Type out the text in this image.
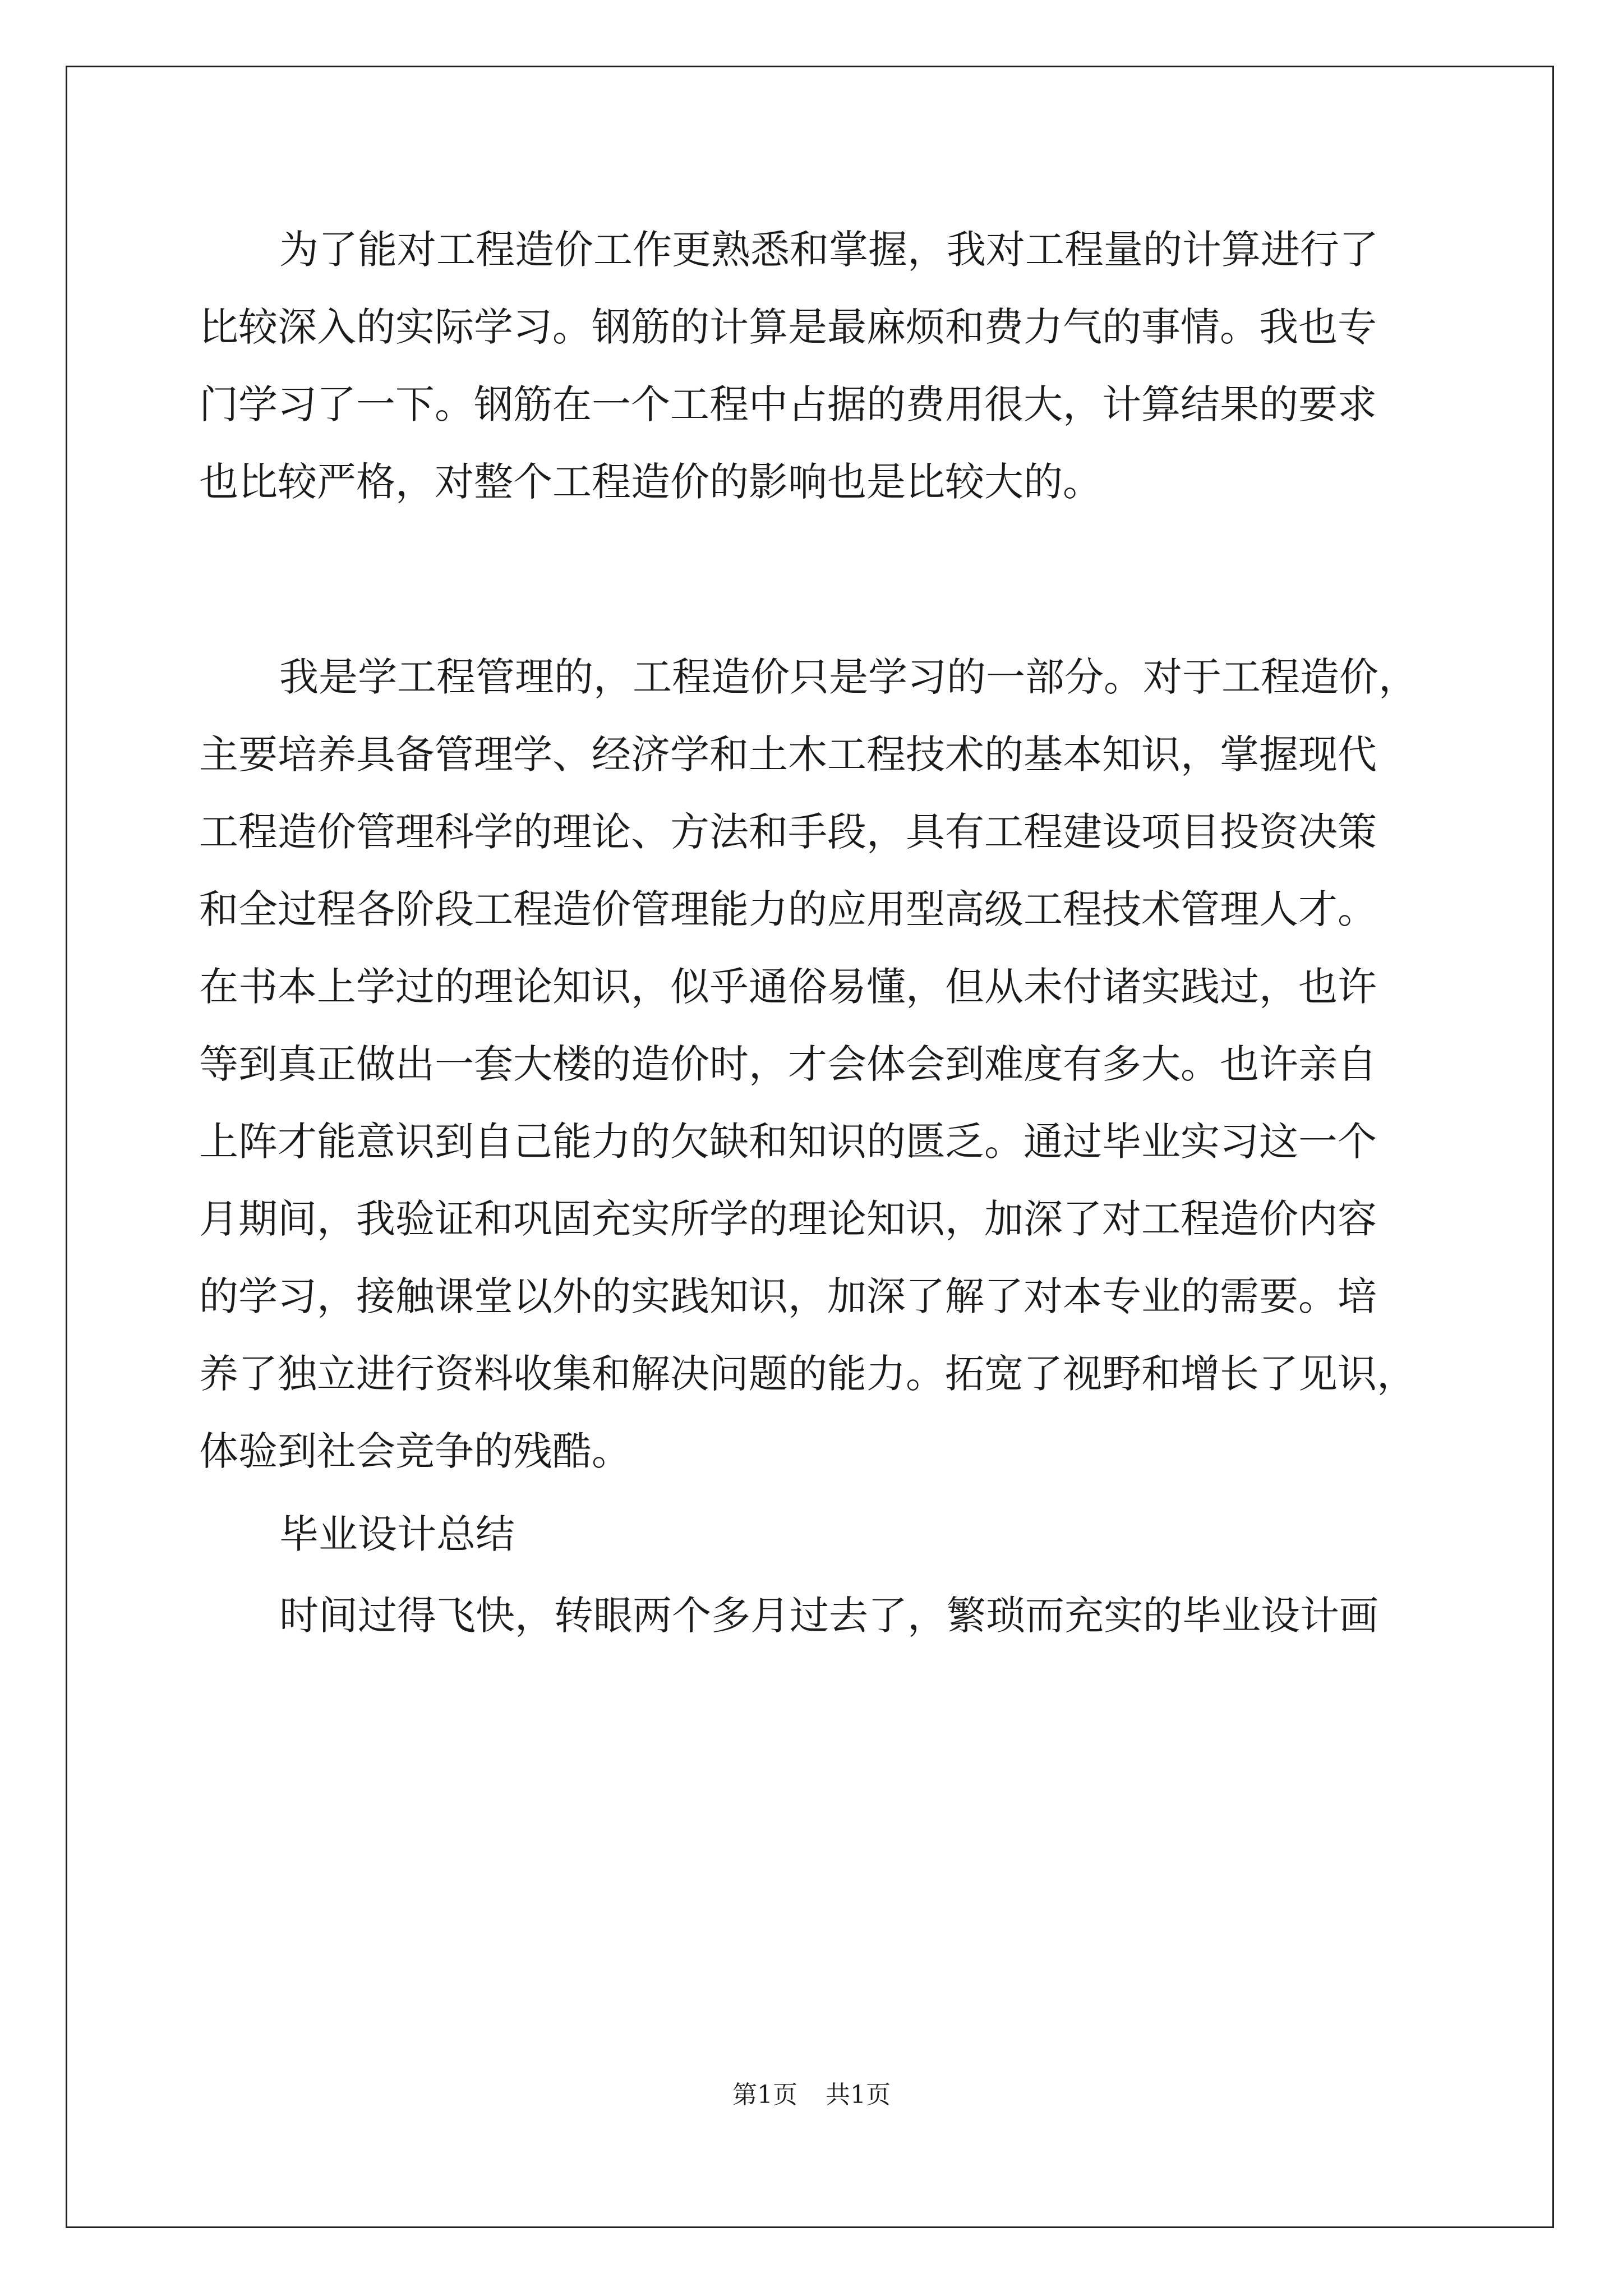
为了能对工程造价工作更熟悉和掌握，我对工程量的计算进行了

比较深入的实际学习。钢筋的计算是最麻烦和费力气的事情。我也专

门学习了一下。钢筋在一个工程中占据的费用很大，计算结果的要求

也比较严格，对整个工程造价的影响也是比较大的。

我是学工程管理的，工程造价只是学习的一部分。对于工程造价，

主要培养具备管理学、经济学和土木工程技术的基本知识，掌握现代

工程造价管理科学的理论、方法和手段，具有工程建设项目投资决策

和全过程各阶段工程造价管理能力的应用型高级工程技术管理人才。

在书本上学过的理论知识，似乎通俗易懂，但从未付诸实践过，也许

等到真正做出一套大楼的造价时，才会体会到难度有多大。也许亲自

上阵才能意识到自己能力的欠缺和知识的匮乏。通过毕业实习这一个

月期间，我验证和巩固充实所学的理论知识，加深了对工程造价内容

的学习，接触课堂以外的实践知识，加深了解了对本专业的需要。培

养了独立进行资料收集和解决问题的能力。拓宽了视野和增长了见识，

体验到社会竞争的残酷。

毕业设计总结

时间过得飞快，转眼两个多月过去了，繁琐而充实的毕业设计画

第1页 共1页
